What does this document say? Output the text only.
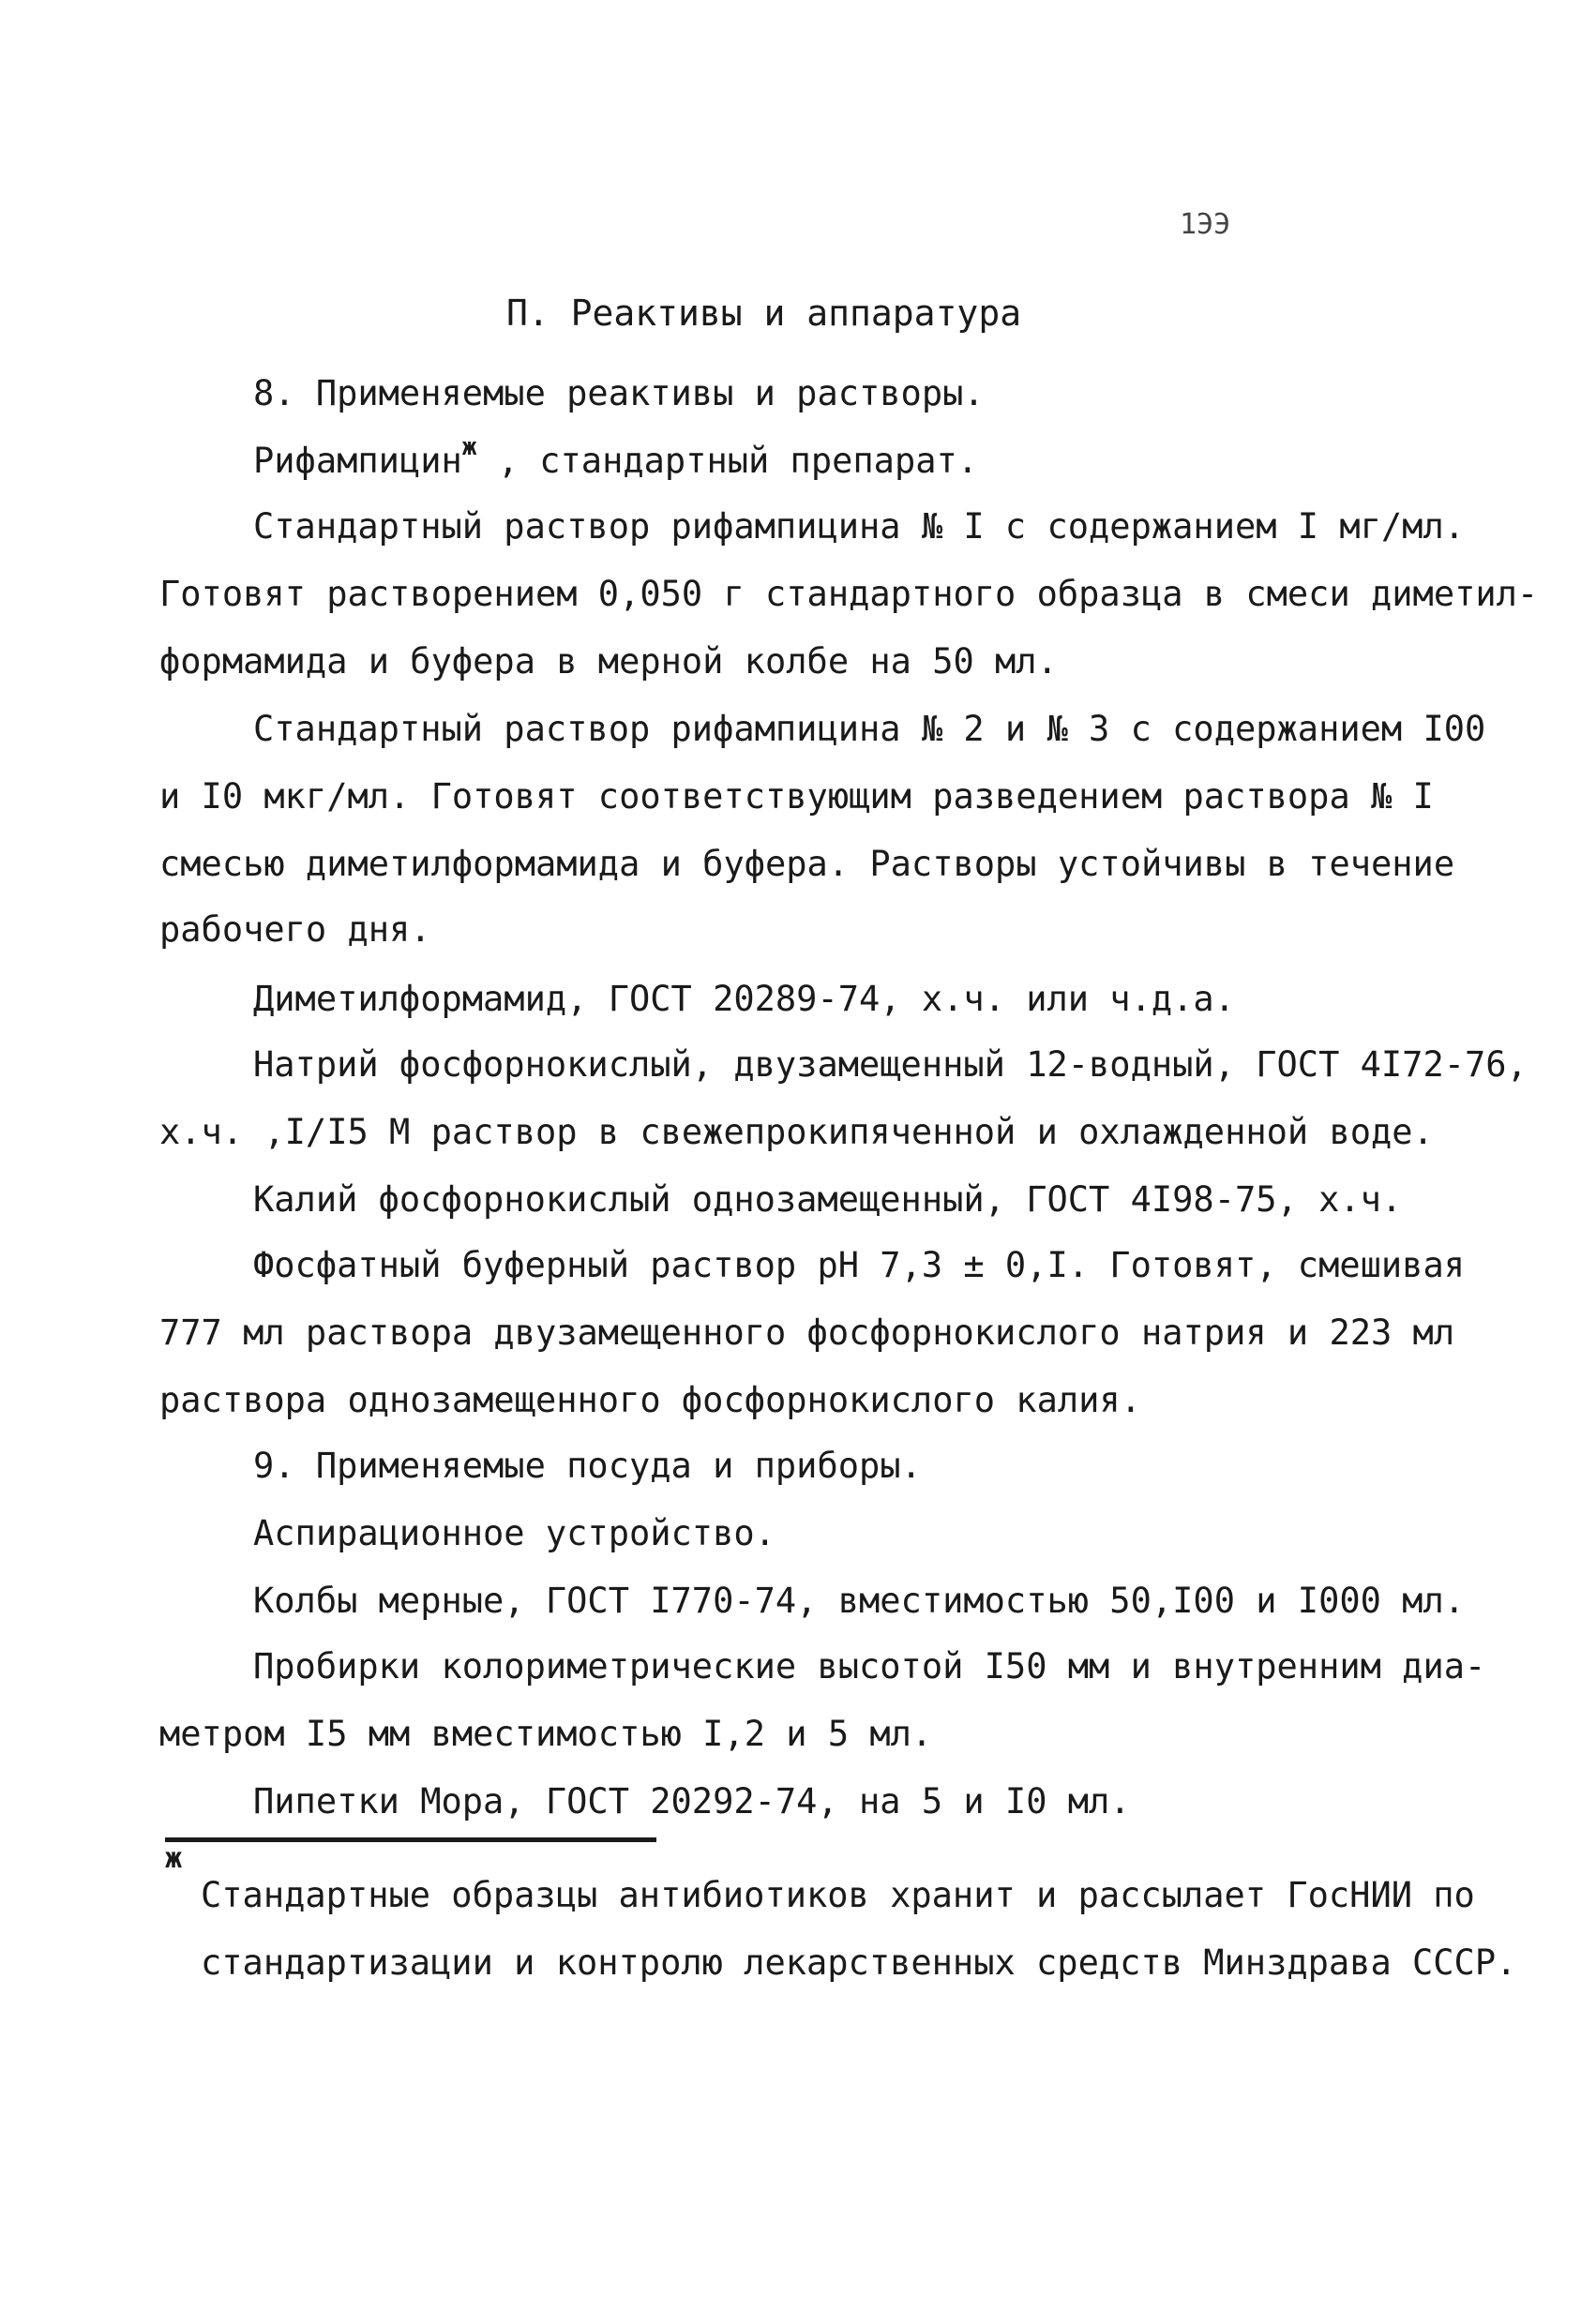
1ЭЭ
П. Реактивы и аппаратура
8. Применяемые реактивы и растворы.
Рифампицин$^ж$ , стандартный препарат.
Стандартный раствор рифампицина № I с содержанием I мг/мл.
Готовят растворением 0,050 г стандартного образца в смеси диметил-
формамида и буфера в мерной колбе на 50 мл.
Стандартный раствор рифампицина № 2 и № 3 с содержанием I00
и I0 мкг/мл. Готовят соответствующим разведением раствора № I
смесью диметилформамида и буфера. Растворы устойчивы в течение
рабочего дня.
Диметилформамид, ГОСТ 20289-74, х.ч. или ч.д.а.
Натрий фосфорнокислый, двузамещенный 12-водный, ГОСТ 4I72-76,
х.ч. ,I/I5 М раствор в свежепрокипяченной и охлажденной воде.
Калий фосфорнокислый однозамещенный, ГОСТ 4I98-75, х.ч.
Фосфатный буферный раствор pH 7,3 ± 0,I. Готовят, смешивая
777 мл раствора двузамещенного фосфорнокислого натрия и 223 мл
раствора однозамещенного фосфорнокислого калия.
9. Применяемые посуда и приборы.
Аспирационное устройство.
Колбы мерные, ГОСТ I770-74, вместимостью 50,I00 и I000 мл.
Пробирки колориметрические высотой I50 мм и внутренним диа-
метром I5 мм вместимостью I,2 и 5 мл.
Пипетки Мора, ГОСТ 20292-74, на 5 и I0 мл.
ж
Стандартные образцы антибиотиков хранит и рассылает ГосНИИ по
стандартизации и контролю лекарственных средств Минздрава СССР.
